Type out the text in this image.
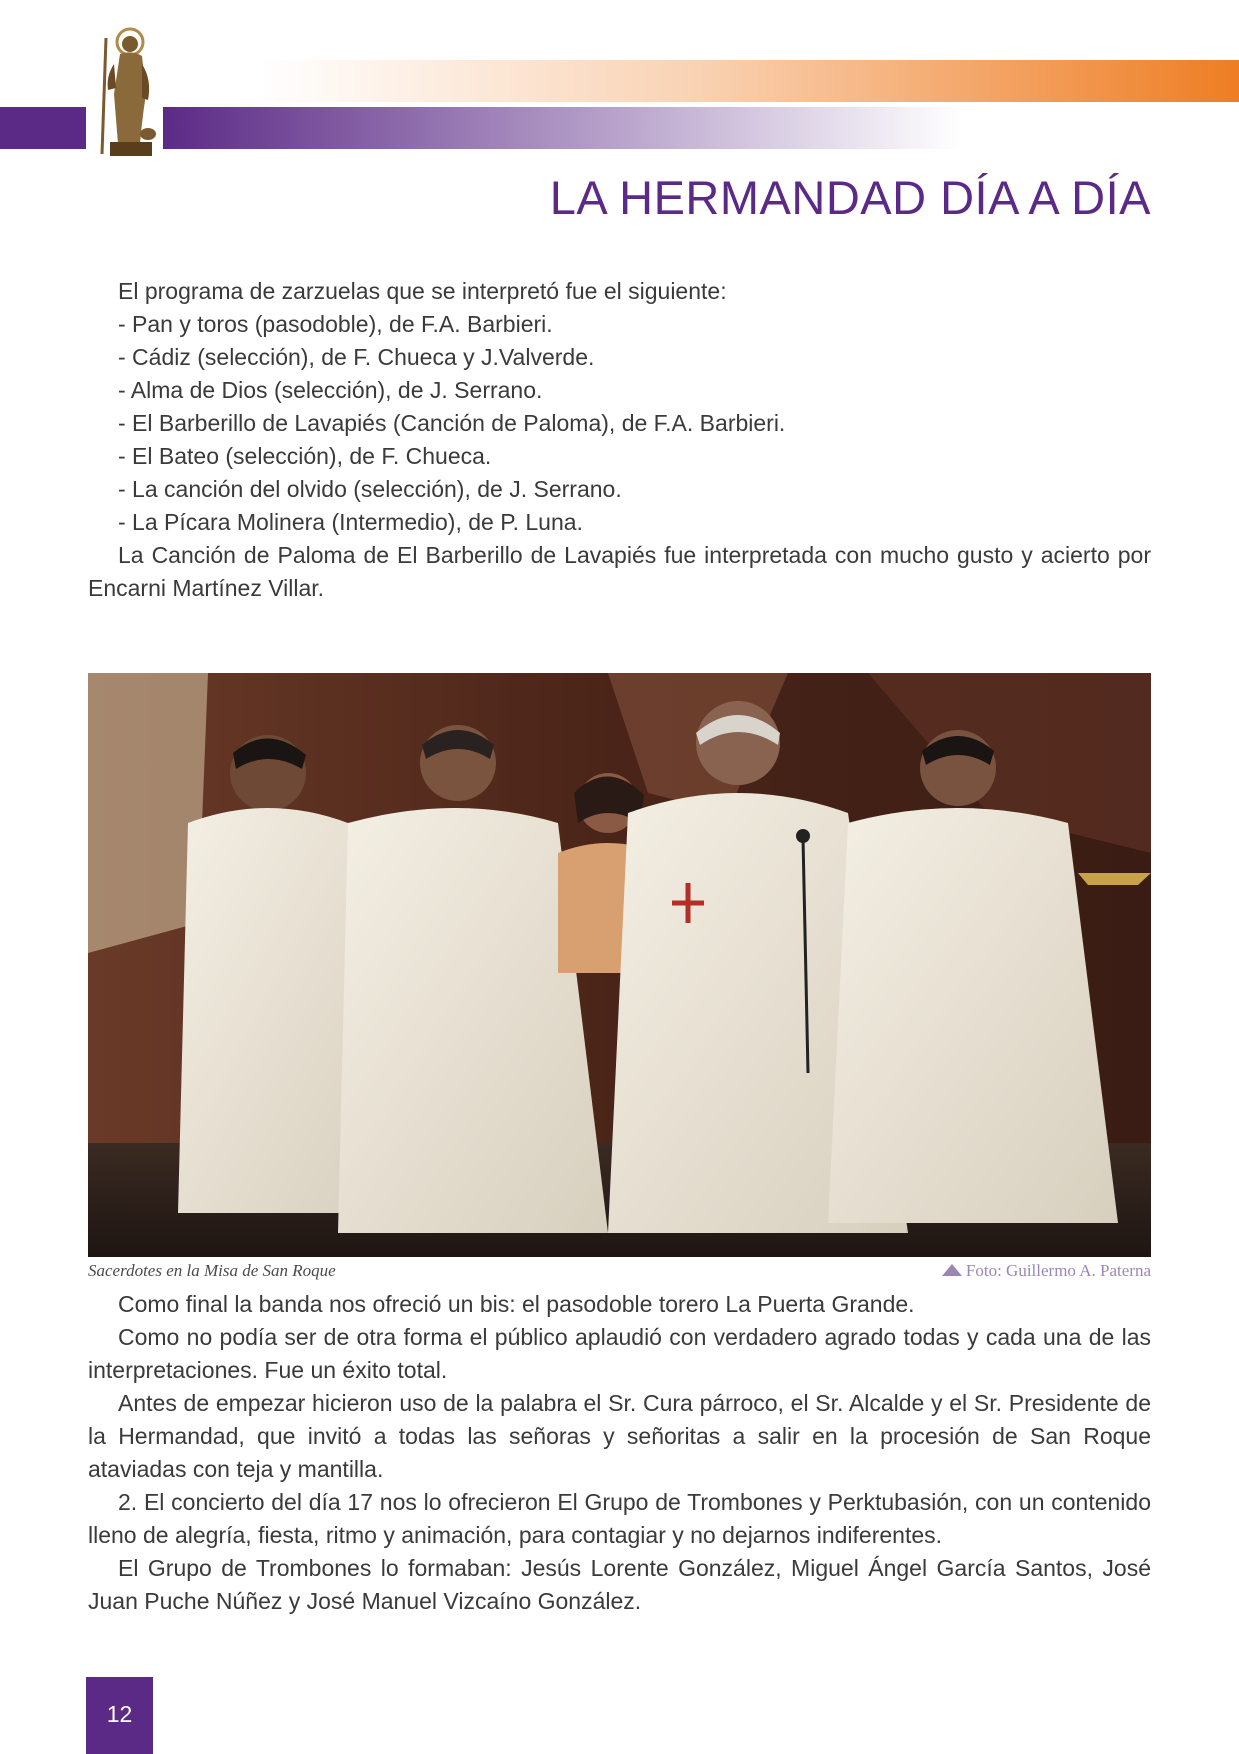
LA HERMANDAD DÍA A DÍA

El programa de zarzuelas que se interpretó fue el siguiente:

- Pan y toros (pasodoble), de F.A. Barbieri.

- Cádiz (selección), de F. Chueca y J.Valverde.

- Alma de Dios (selección), de J. Serrano.

- El Barberillo de Lavapiés (Canción de Paloma), de F.A. Barbieri.

- El Bateo (selección), de F. Chueca.

- La canción del olvido (selección), de J. Serrano.

- La Pícara Molinera (Intermedio), de P. Luna.

La Canción de Paloma de El Barberillo de Lavapiés fue interpretada con mucho gusto y acierto por Encarni Martínez Villar.

Sacerdotes en la Misa de San Roque	Foto: Guillermo A. Paterna

Como final la banda nos ofreció un bis: el pasodoble torero La Puerta Grande.

Como no podía ser de otra forma el público aplaudió con verdadero agrado todas y cada una de las interpretaciones. Fue un éxito total.

Antes de empezar hicieron uso de la palabra el Sr. Cura párroco, el Sr. Alcalde y el Sr. Presidente de la Hermandad, que invitó a todas las señoras y señoritas a salir en la procesión de San Roque ataviadas con teja y mantilla.

2. El concierto del día 17 nos lo ofrecieron El Grupo de Trombones y Perktubasión, con un contenido lleno de alegría, fiesta, ritmo y animación, para contagiar y no dejarnos indiferentes.

El Grupo de Trombones lo formaban: Jesús Lorente González, Miguel Ángel García Santos, José Juan Puche Núñez y José Manuel Vizcaíno González.

12
